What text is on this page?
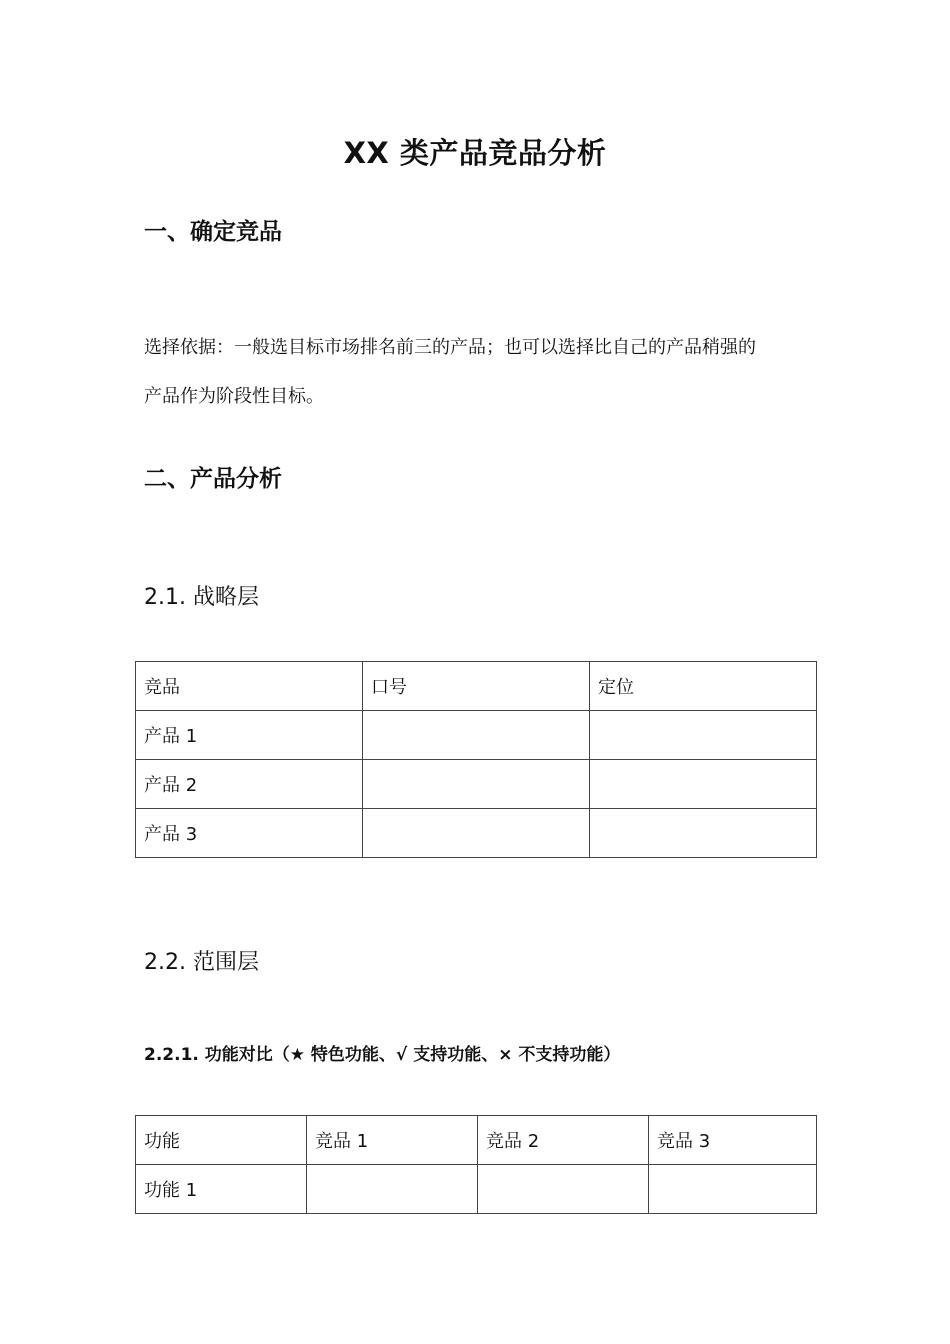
XX 类产品竞品分析
一、确定竞品

选择依据：一般选目标市场排名前三的产品；也可以选择比自己的产品稍强的

产品作为阶段性目标。

二、产品分析
2.1. 战略层
竞品	口号	定位
产品 1		
产品 2		
产品 3		
2.2. 范围层
2.2.1. 功能对比（★ 特色功能、√ 支持功能、× 不支持功能）
功能	竞品 1	竞品 2	竞品 3
功能 1			
